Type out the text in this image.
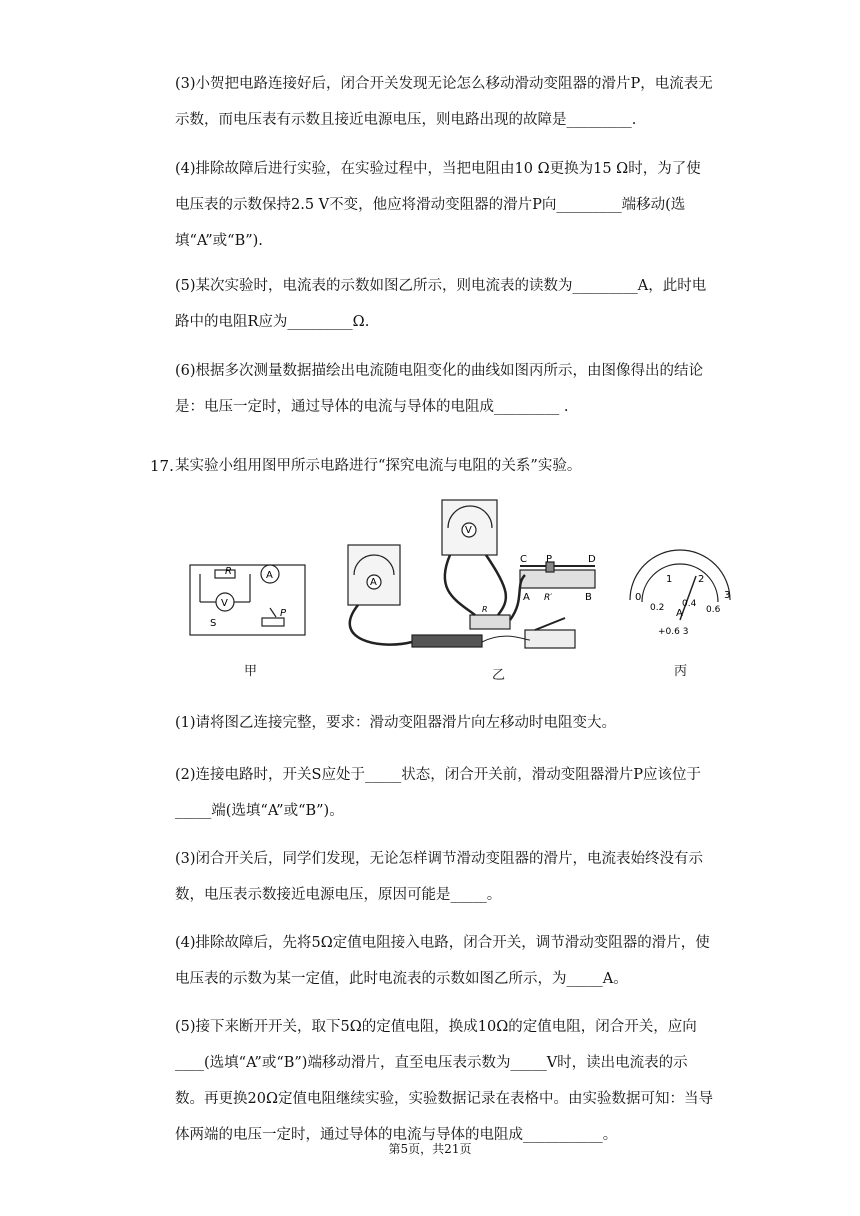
(3)小贺把电路连接好后，闭合开关发现无论怎么移动滑动变阻器的滑片P，电流表无示数，而电压表有示数且接近电源电压，则电路出现的故障是_________.

(4)排除故障后进行实验，在实验过程中，当把电阻由10 Ω更换为15 Ω时，为了使电压表的示数保持2.5 V不变，他应将滑动变阻器的滑片P向_________端移动(选填“A”或“B”).

(5)某次实验时，电流表的示数如图乙所示，则电流表的读数为_________A，此时电路中的电阻R应为_________Ω.

(6)根据多次测量数据描绘出电流随电阻变化的曲线如图丙所示，由图像得出的结论是：电压一定时，通过导体的电流与导体的电阻成_________ .

17. 某实验小组用图甲所示电路进行“探究电流与电阻的关系”实验。
R	A
V
S
P
A
V
R
C P	D
A R′	B	0
1	2
3
0.2 0.4
0.6
A
+0.6 3
甲	乙	丙

(1)请将图乙连接完整，要求：滑动变阻器滑片向左移动时电阻变大。

(2)连接电路时，开关S应处于_____状态，闭合开关前，滑动变阻器滑片P应该位于_____端(选填“A”或“B”)。

(3)闭合开关后，同学们发现，无论怎样调节滑动变阻器的滑片，电流表始终没有示数，电压表示数接近电源电压，原因可能是_____。

(4)排除故障后，先将5Ω定值电阻接入电路，闭合开关，调节滑动变阻器的滑片，使电压表的示数为某一定值，此时电流表的示数如图乙所示，为_____A。

(5)接下来断开开关，取下5Ω的定值电阻，换成10Ω的定值电阻，闭合开关，应向____(选填“A”或“B”)端移动滑片，直至电压表示数为_____V时，读出电流表的示数。再更换20Ω定值电阻继续实验，实验数据记录在表格中。由实验数据可知：当导体两端的电压一定时，通过导体的电流与导体的电阻成___________。

第5页，共21页
